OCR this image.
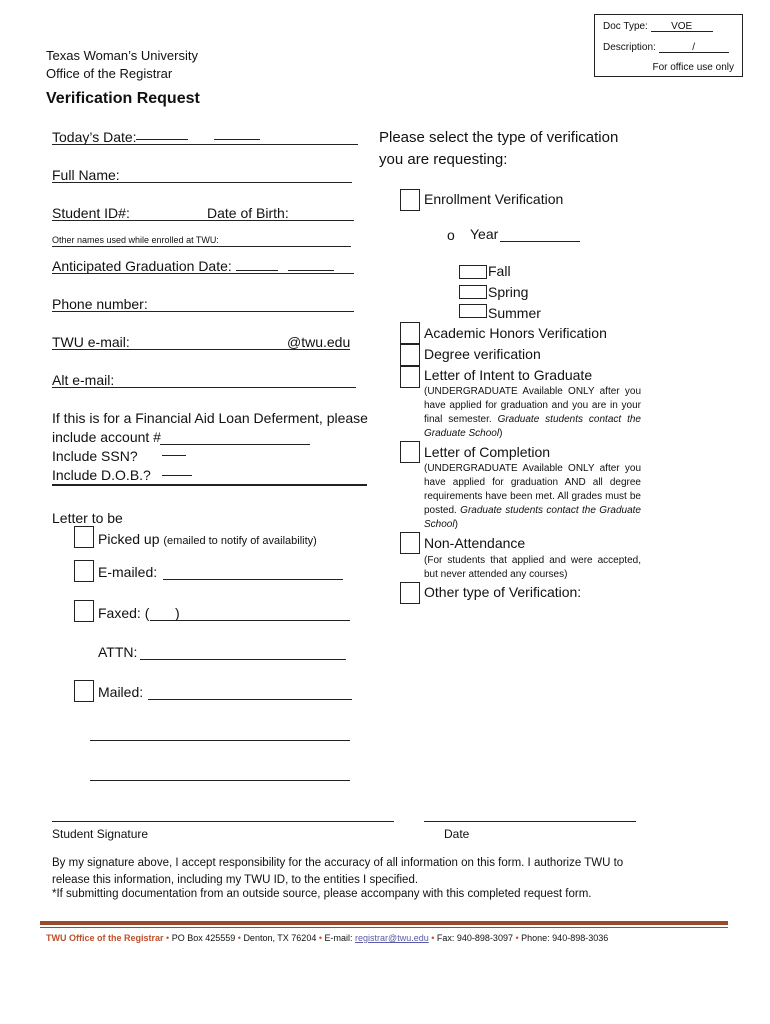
Doc Type: VOE
Description:	/
For office use only
Texas Woman’s University
Office of the Registrar
Verification Request
Today’s Date:
Full Name:
Student ID#:	Date of Birth:
Other names used while enrolled at TWU:
Anticipated Graduation Date:
Phone number:
TWU e-mail:	@twu.edu
Alt e-mail:
If this is for a Financial Aid Loan Deferment, please
include account #
Include SSN?
Include D.O.B.?
Letter to be
Picked up (emailed to notify of availability)
E-mailed:
Faxed: ( )
ATTN:
Mailed:
Please select the type of verification
you are requesting:
Enrollment Verification
o Year
Fall
Spring
Summer
Academic Honors Verification
Degree verification
Letter of Intent to Graduate
(UNDERGRADUATE Available ONLY after you have applied for graduation and you are in your final semester. Graduate students contact the Graduate School)
Letter of Completion
(UNDERGRADUATE Available ONLY after you have applied for graduation AND all degree requirements have been met. All grades must be posted. Graduate students contact the Graduate School)
Non-Attendance
(For students that applied and were accepted, but never attended any courses)
Other type of Verification:
Student Signature	Date
By my signature above, I accept responsibility for the accuracy of all information on this form. I authorize TWU to release this information, including my TWU ID, to the entities I specified.
*If submitting documentation from an outside source, please accompany with this completed request form.
TWU Office of the Registrar • PO Box 425559 • Denton, TX 76204 • E-mail: registrar@twu.edu • Fax: 940-898-3097 • Phone: 940-898-3036
